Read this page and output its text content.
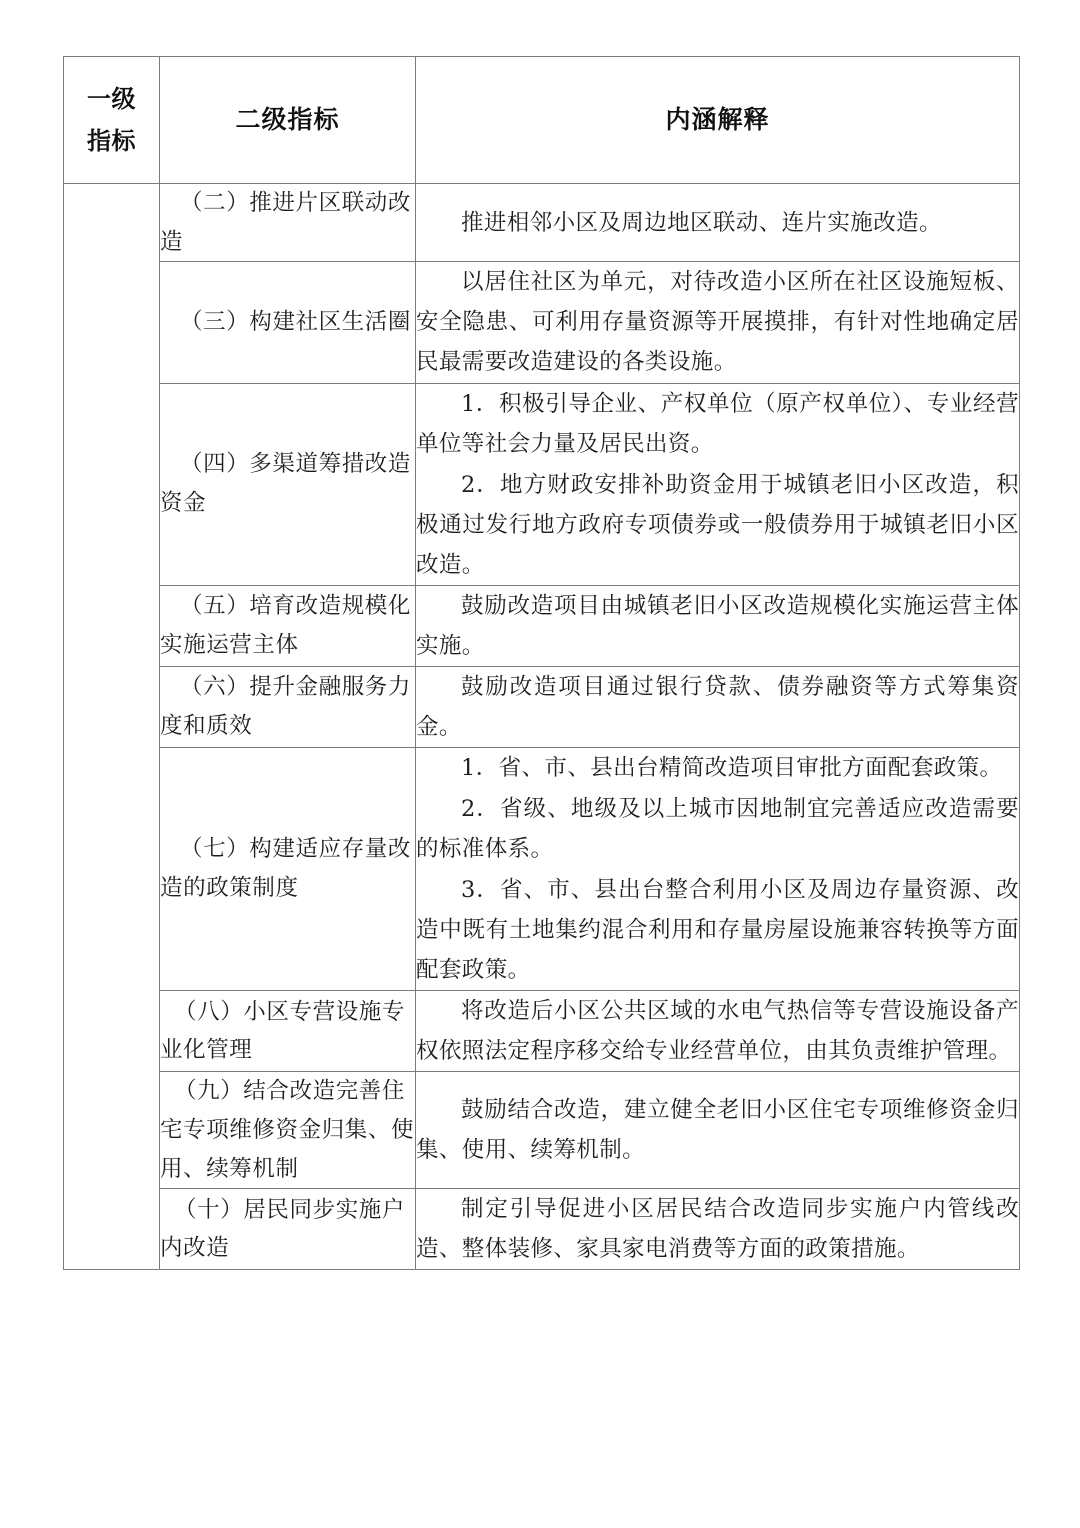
一级指标	二级指标	内涵解释

	（二）推进片区联动改造	推进相邻小区及周边地区联动、连片实施改造。

	（三）构建社区生活圈	以居住社区为单元，对待改造小区所在社区设施短板、安全隐患、可利用存量资源等开展摸排，有针对性地确定居民最需要改造建设的各类设施。

	（四）多渠道筹措改造资金	1．积极引导企业、产权单位（原产权单位）、专业经营单位等社会力量及居民出资。

2．地方财政安排补助资金用于城镇老旧小区改造，积极通过发行地方政府专项债券或一般债券用于城镇老旧小区改造。

	（五）培育改造规模化实施运营主体	鼓励改造项目由城镇老旧小区改造规模化实施运营主体实施。

	（六）提升金融服务力度和质效	鼓励改造项目通过银行贷款、债券融资等方式筹集资金。

	（七）构建适应存量改造的政策制度	1．省、市、县出台精简改造项目审批方面配套政策。

2．省级、地级及以上城市因地制宜完善适应改造需要的标准体系。

3．省、市、县出台整合利用小区及周边存量资源、改造中既有土地集约混合利用和存量房屋设施兼容转换等方面配套政策。

	（八）小区专营设施专业化管理	将改造后小区公共区域的水电气热信等专营设施设备产权依照法定程序移交给专业经营单位，由其负责维护管理。

	（九）结合改造完善住宅专项维修资金归集、使用、续筹机制	鼓励结合改造，建立健全老旧小区住宅专项维修资金归集、使用、续筹机制。

	（十）居民同步实施户内改造	制定引导促进小区居民结合改造同步实施户内管线改造、整体装修、家具家电消费等方面的政策措施。
